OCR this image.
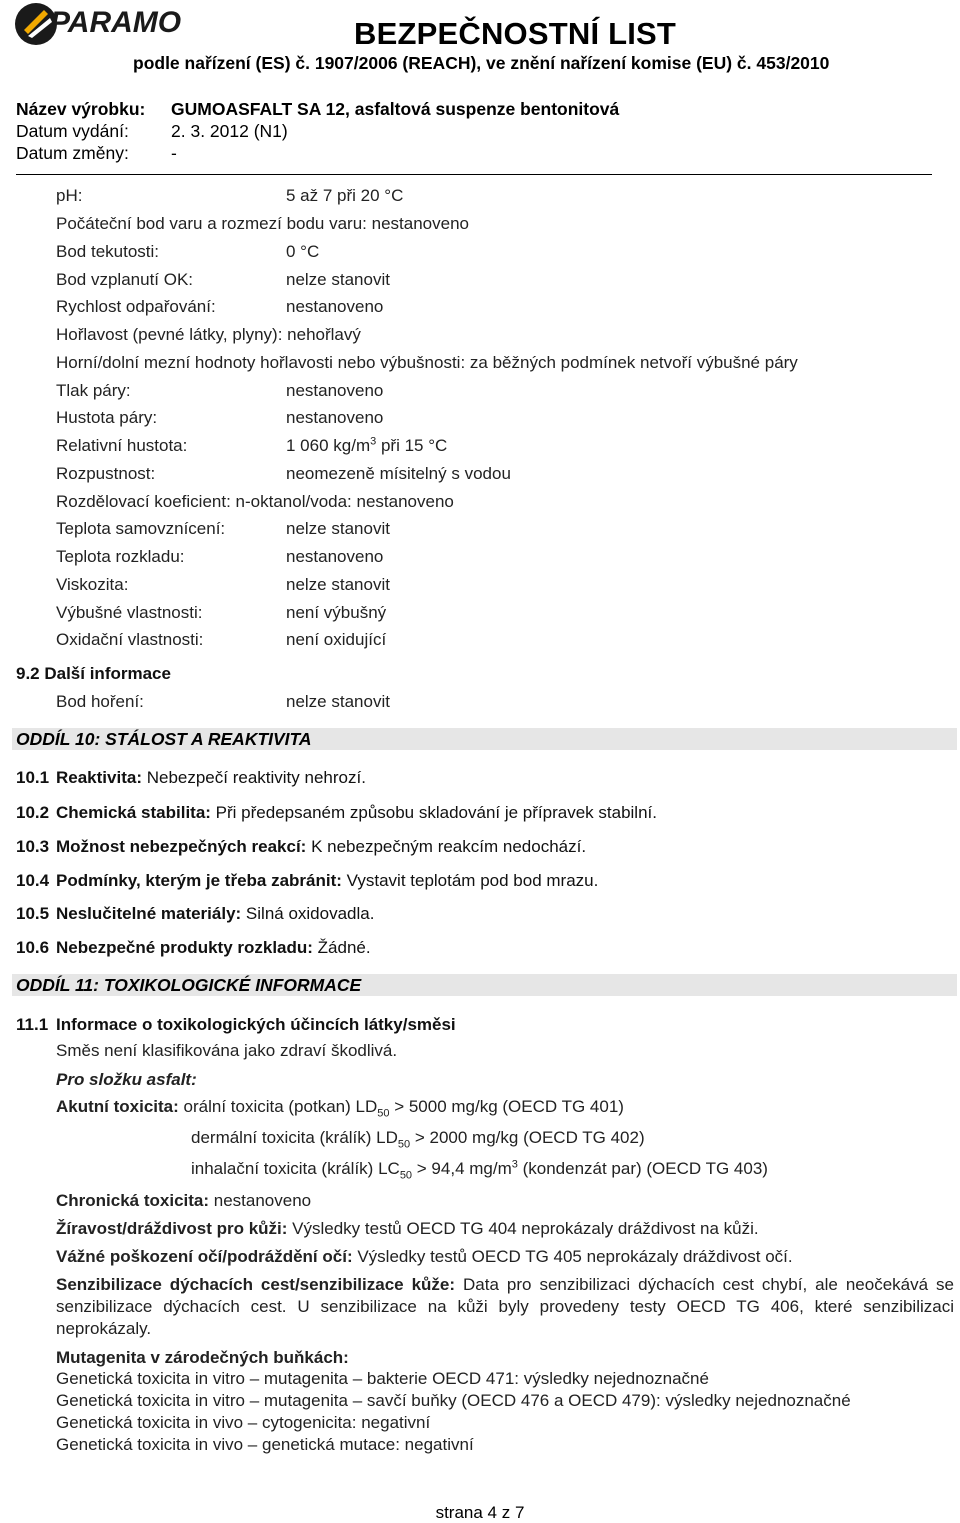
PARAMO	BEZPEČNOSTNÍ LIST
podle nařízení (ES) č. 1907/2006 (REACH), ve znění nařízení komise (EU) č. 453/2010
Název výrobku: GUMOASFALT SA 12, asfaltová suspenze bentonitová
Datum vydání: 2. 3. 2012 (N1)
Datum změny: -
pH:	5 až 7 při 20 °C
Počáteční bod varu a rozmezí bodu varu: nestanoveno
Bod tekutosti:	0 °C
Bod vzplanutí OK:	nelze stanovit
Rychlost odpařování:	nestanoveno
Hořlavost (pevné látky, plyny): nehořlavý
Horní/dolní mezní hodnoty hořlavosti nebo výbušnosti: za běžných podmínek netvoří výbušné páry
Tlak páry:	nestanoveno
Hustota páry:	nestanoveno
Relativní hustota:	1 060 $kg/m^3$ při 15 °C
Rozpustnost:	neomezeně mísitelný s vodou
Rozdělovací koeficient: n-oktanol/voda: nestanoveno
Teplota samovznícení:	nelze stanovit
Teplota rozkladu:	nestanoveno
Viskozita:	nelze stanovit
Výbušné vlastnosti:	není výbušný
Oxidační vlastnosti:	není oxidující
9.2 Další informace
Bod hoření:	nelze stanovit
ODDÍL 10: STÁLOST A REAKTIVITA
10.1 Reaktivita: Nebezpečí reaktivity nehrozí.
10.2 Chemická stabilita: Při předepsaném způsobu skladování je přípravek stabilní.
10.3 Možnost nebezpečných reakcí: K nebezpečným reakcím nedochází.
10.4 Podmínky, kterým je třeba zabránit: Vystavit teplotám pod bod mrazu.
10.5 Neslučitelné materiály: Silná oxidovadla.
10.6 Nebezpečné produkty rozkladu: Žádné.
ODDÍL 11: TOXIKOLOGICKÉ INFORMACE
11.1 Informace o toxikologických účincích látky/směsi
Směs není klasifikována jako zdraví škodlivá.
Pro složku asfalt:
Akutní toxicita: orální toxicita (potkan) $LD_{50} > 5000$ mg/kg (OECD TG 401)
dermální toxicita (králík) $LD_{50} > 2000$ mg/kg (OECD TG 402)
inhalační toxicita (králík) $LC_{50} > 94,4$ $mg/m^3$ (kondenzát par) (OECD TG 403)
Chronická toxicita: nestanoveno
Žíravost/dráždivost pro kůži: Výsledky testů OECD TG 404 neprokázaly dráždivost na kůži.
Vážné poškození očí/podráždění očí: Výsledky testů OECD TG 405 neprokázaly dráždivost očí.
Senzibilizace dýchacích cest/senzibilizace kůže: Data pro senzibilizaci dýchacích cest chybí, ale neočekává se senzibilizace dýchacích cest. U senzibilizace na kůži byly provedeny testy OECD TG 406, které senzibilizaci neprokázaly.
Mutagenita v zárodečných buňkách:
Genetická toxicita in vitro – mutagenita – bakterie OECD 471: výsledky nejednoznačné
Genetická toxicita in vitro – mutagenita – savčí buňky (OECD 476 a OECD 479): výsledky nejednoznačné
Genetická toxicita in vivo – cytogenicita: negativní
Genetická toxicita in vivo – genetická mutace: negativní
strana 4 z 7
